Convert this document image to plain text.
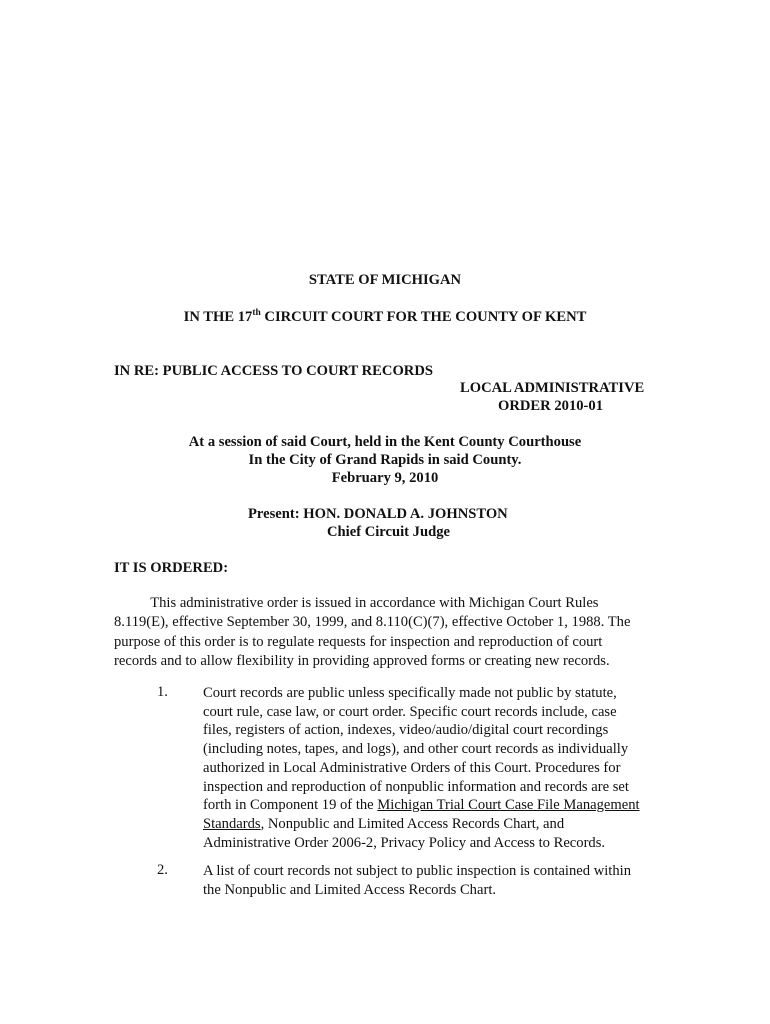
STATE OF MICHIGAN
IN THE 17th CIRCUIT COURT FOR THE COUNTY OF KENT
IN RE: PUBLIC ACCESS TO COURT RECORDS
LOCAL ADMINISTRATIVE
ORDER 2010-01
At a session of said Court, held in the Kent County Courthouse
In the City of Grand Rapids in said County.
February 9, 2010
Present: HON. DONALD A. JOHNSTON
Chief Circuit Judge
IT IS ORDERED:
This administrative order is issued in accordance with Michigan Court Rules
8.119(E), effective September 30, 1999, and 8.110(C)(7), effective October 1, 1988. The
purpose of this order is to regulate requests for inspection and reproduction of court
records and to allow flexibility in providing approved forms or creating new records.
1. Court records are public unless specifically made not public by statute,
court rule, case law, or court order. Specific court records include, case
files, registers of action, indexes, video/audio/digital court recordings
(including notes, tapes, and logs), and other court records as individually
authorized in Local Administrative Orders of this Court. Procedures for
inspection and reproduction of nonpublic information and records are set
forth in Component 19 of the Michigan Trial Court Case File Management
Standards, Nonpublic and Limited Access Records Chart, and
Administrative Order 2006-2, Privacy Policy and Access to Records.
2. A list of court records not subject to public inspection is contained within
the Nonpublic and Limited Access Records Chart.
